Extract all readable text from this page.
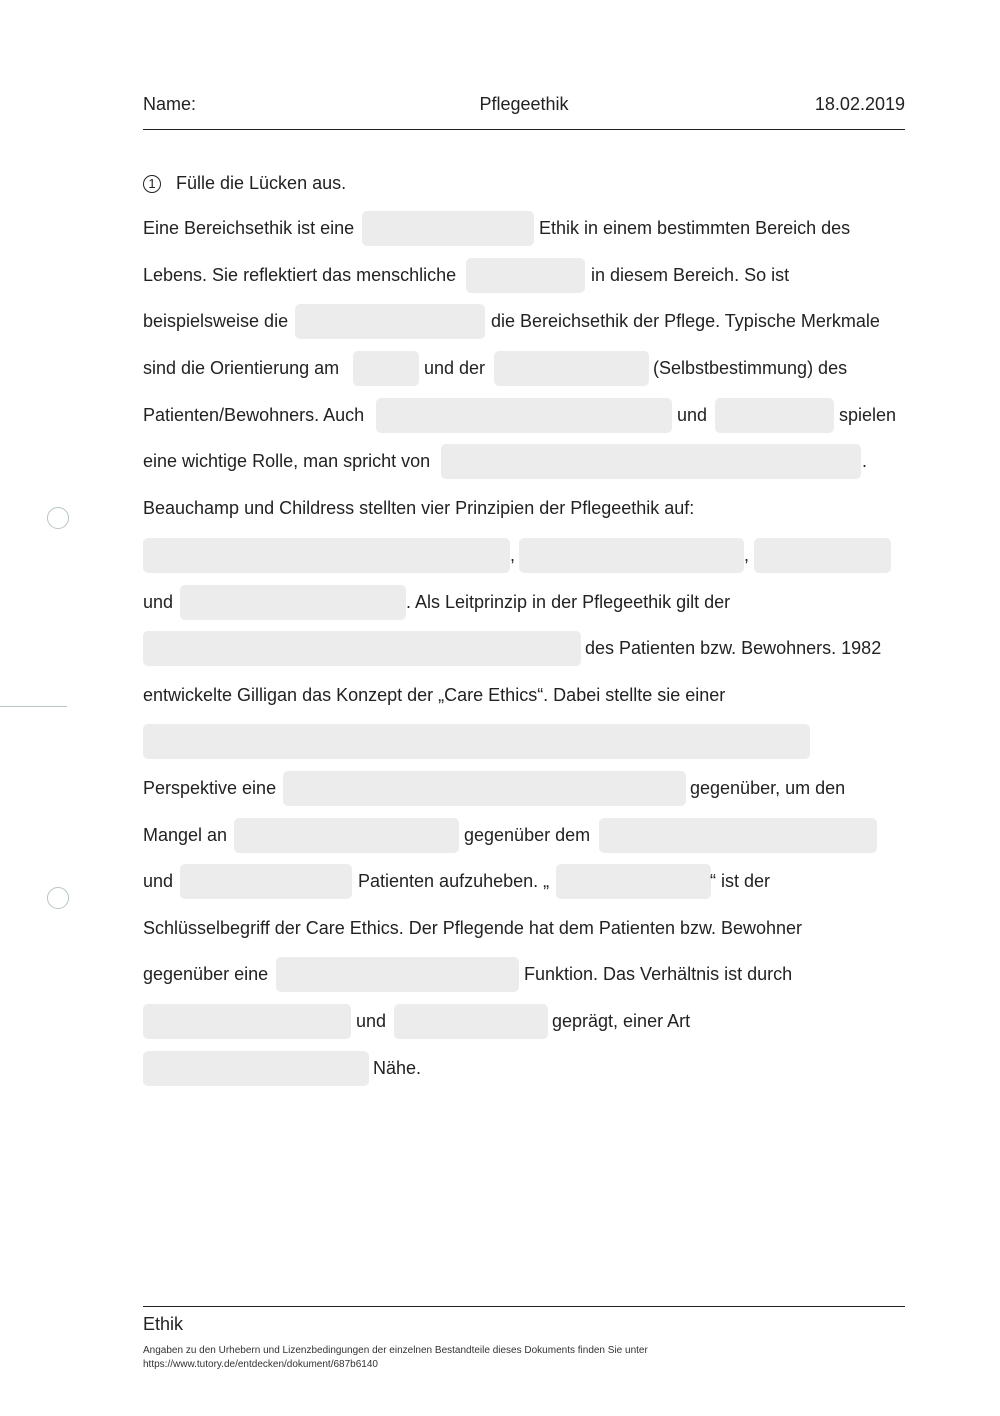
Name:	Pflegeethik	18.02.2019
1 Fülle die Lücken aus.
Eine Bereichsethik ist eine	Ethik in einem bestimmten Bereich des
Lebens. Sie reflektiert das menschliche	in diesem Bereich. So ist
beispielsweise die	die Bereichsethik der Pflege. Typische Merkmale
sind die Orientierung am	und der	(Selbstbestimmung) des
Patienten/Bewohners. Auch	und	spielen
eine wichtige Rolle, man spricht von	.
Beauchamp und Childress stellten vier Prinzipien der Pflegeethik auf:
,	,
und	. Als Leitprinzip in der Pflegeethik gilt der
des Patienten bzw. Bewohners. 1982
entwickelte Gilligan das Konzept der „Care Ethics“. Dabei stellte sie einer
Perspektive eine	gegenüber, um den
Mangel an	gegenüber dem
und	Patienten aufzuheben. „	“ ist der
Schlüsselbegriff der Care Ethics. Der Pflegende hat dem Patienten bzw. Bewohner
gegenüber eine	Funktion. Das Verhältnis ist durch
und	geprägt, einer Art
Nähe.
Ethik
Angaben zu den Urhebern und Lizenzbedingungen der einzelnen Bestandteile dieses Dokuments finden Sie unter
https://www.tutory.de/entdecken/dokument/687b6140
